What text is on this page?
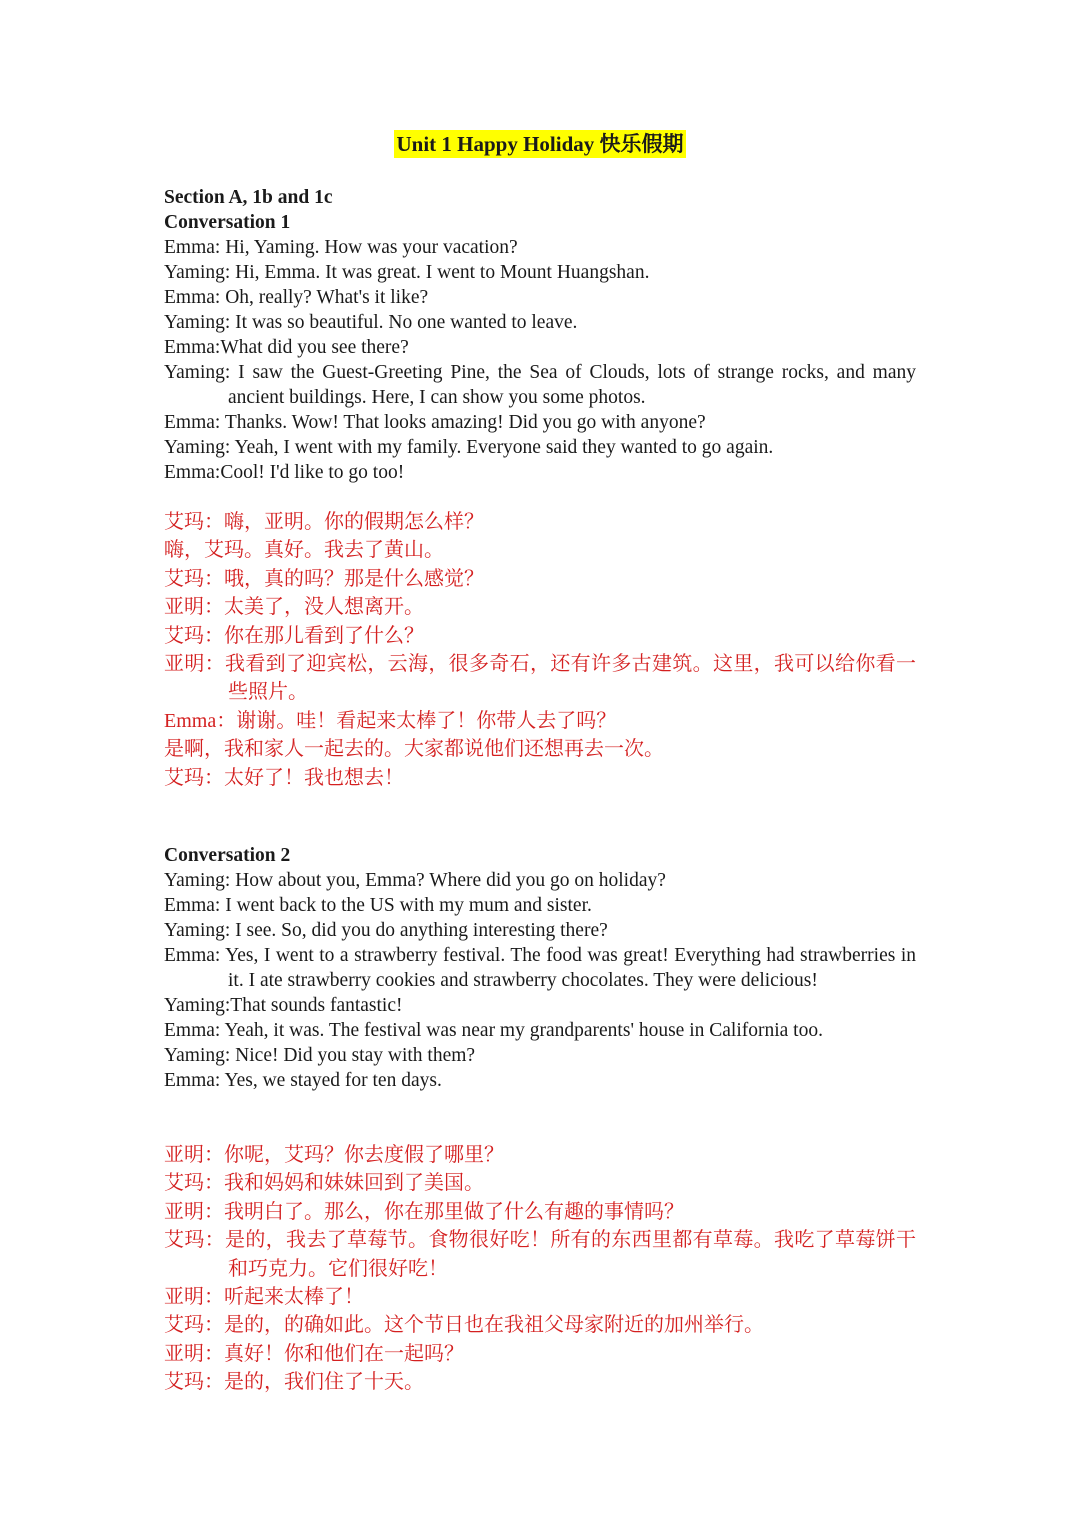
Unit 1 Happy Holiday 快乐假期
Section A, 1b and 1c
Conversation 1
Emma: Hi, Yaming. How was your vacation?
Yaming: Hi, Emma. It was great. I went to Mount Huangshan.
Emma: Oh, really? What's it like?
Yaming: It was so beautiful. No one wanted to leave.
Emma:What did you see there?
Yaming: I saw the Guest-Greeting Pine, the Sea of Clouds, lots of strange rocks, and many ancient buildings. Here, I can show you some photos.
Emma: Thanks. Wow! That looks amazing! Did you go with anyone?
Yaming: Yeah, I went with my family. Everyone said they wanted to go again.
Emma:Cool! I'd like to go too!
艾玛：嗨，亚明。你的假期怎么样？
嗨，艾玛。真好。我去了黄山。
艾玛：哦，真的吗？那是什么感觉？
亚明：太美了，没人想离开。
艾玛：你在那儿看到了什么？
亚明：我看到了迎宾松，云海，很多奇石，还有许多古建筑。这里，我可以给你看一些照片。
Emma：谢谢。哇！看起来太棒了！你带人去了吗？
是啊，我和家人一起去的。大家都说他们还想再去一次。
艾玛：太好了！我也想去！
Conversation 2
Yaming: How about you, Emma? Where did you go on holiday?
Emma: I went back to the US with my mum and sister.
Yaming: I see. So, did you do anything interesting there?
Emma: Yes, I went to a strawberry festival. The food was great! Everything had strawberries in it. I ate strawberry cookies and strawberry chocolates. They were delicious!
Yaming:That sounds fantastic!
Emma: Yeah, it was. The festival was near my grandparents' house in California too.
Yaming: Nice! Did you stay with them?
Emma: Yes, we stayed for ten days.
亚明：你呢，艾玛？你去度假了哪里？
艾玛：我和妈妈和妹妹回到了美国。
亚明：我明白了。那么，你在那里做了什么有趣的事情吗？
艾玛：是的，我去了草莓节。食物很好吃！所有的东西里都有草莓。我吃了草莓饼干和巧克力。它们很好吃！
亚明：听起来太棒了！
艾玛：是的，的确如此。这个节日也在我祖父母家附近的加州举行。
亚明：真好！你和他们在一起吗？
艾玛：是的，我们住了十天。
